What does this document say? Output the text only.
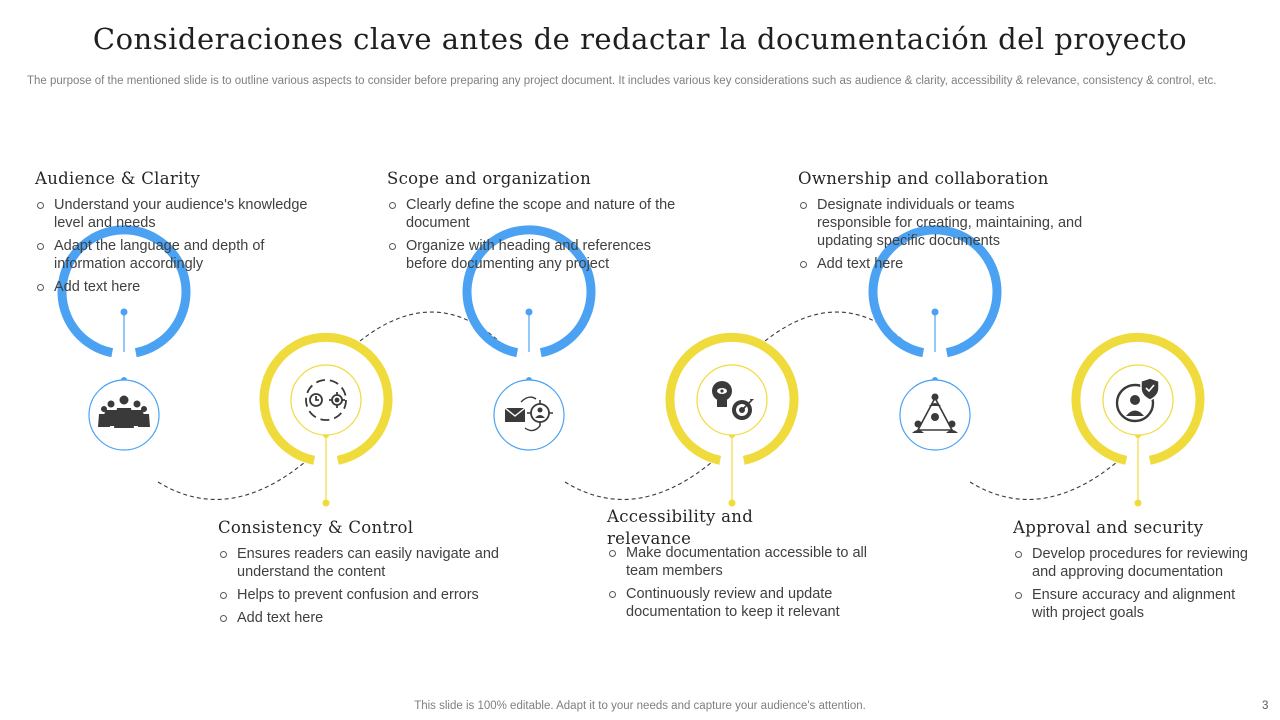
Consideraciones clave antes de redactar la documentación del proyecto

The purpose of the mentioned slide is to outline various aspects to consider before preparing any project document. It includes various key considerations such as audience & clarity, accessibility & relevance, consistency & control, etc.

Audience & Clarity
Understand your audience's knowledge level and needs
Adapt the language and depth of information accordingly
Add text here
Consistency & Control
Ensures readers can easily navigate and understand the content
Helps to prevent confusion and errors
Add text here
Scope and organization
Clearly define the scope and nature of the document
Organize with heading and references before documenting any project
Accessibility and relevance
Make documentation accessible to all team members
Continuously review and update documentation to keep it relevant
Ownership and collaboration
Designate individuals or teams responsible for creating, maintaining, and updating specific documents
Add text here
Approval and security
Develop procedures for reviewing and approving documentation
Ensure accuracy and alignment with project goals

This slide is 100% editable. Adapt it to your needs and capture your audience's attention.	3
